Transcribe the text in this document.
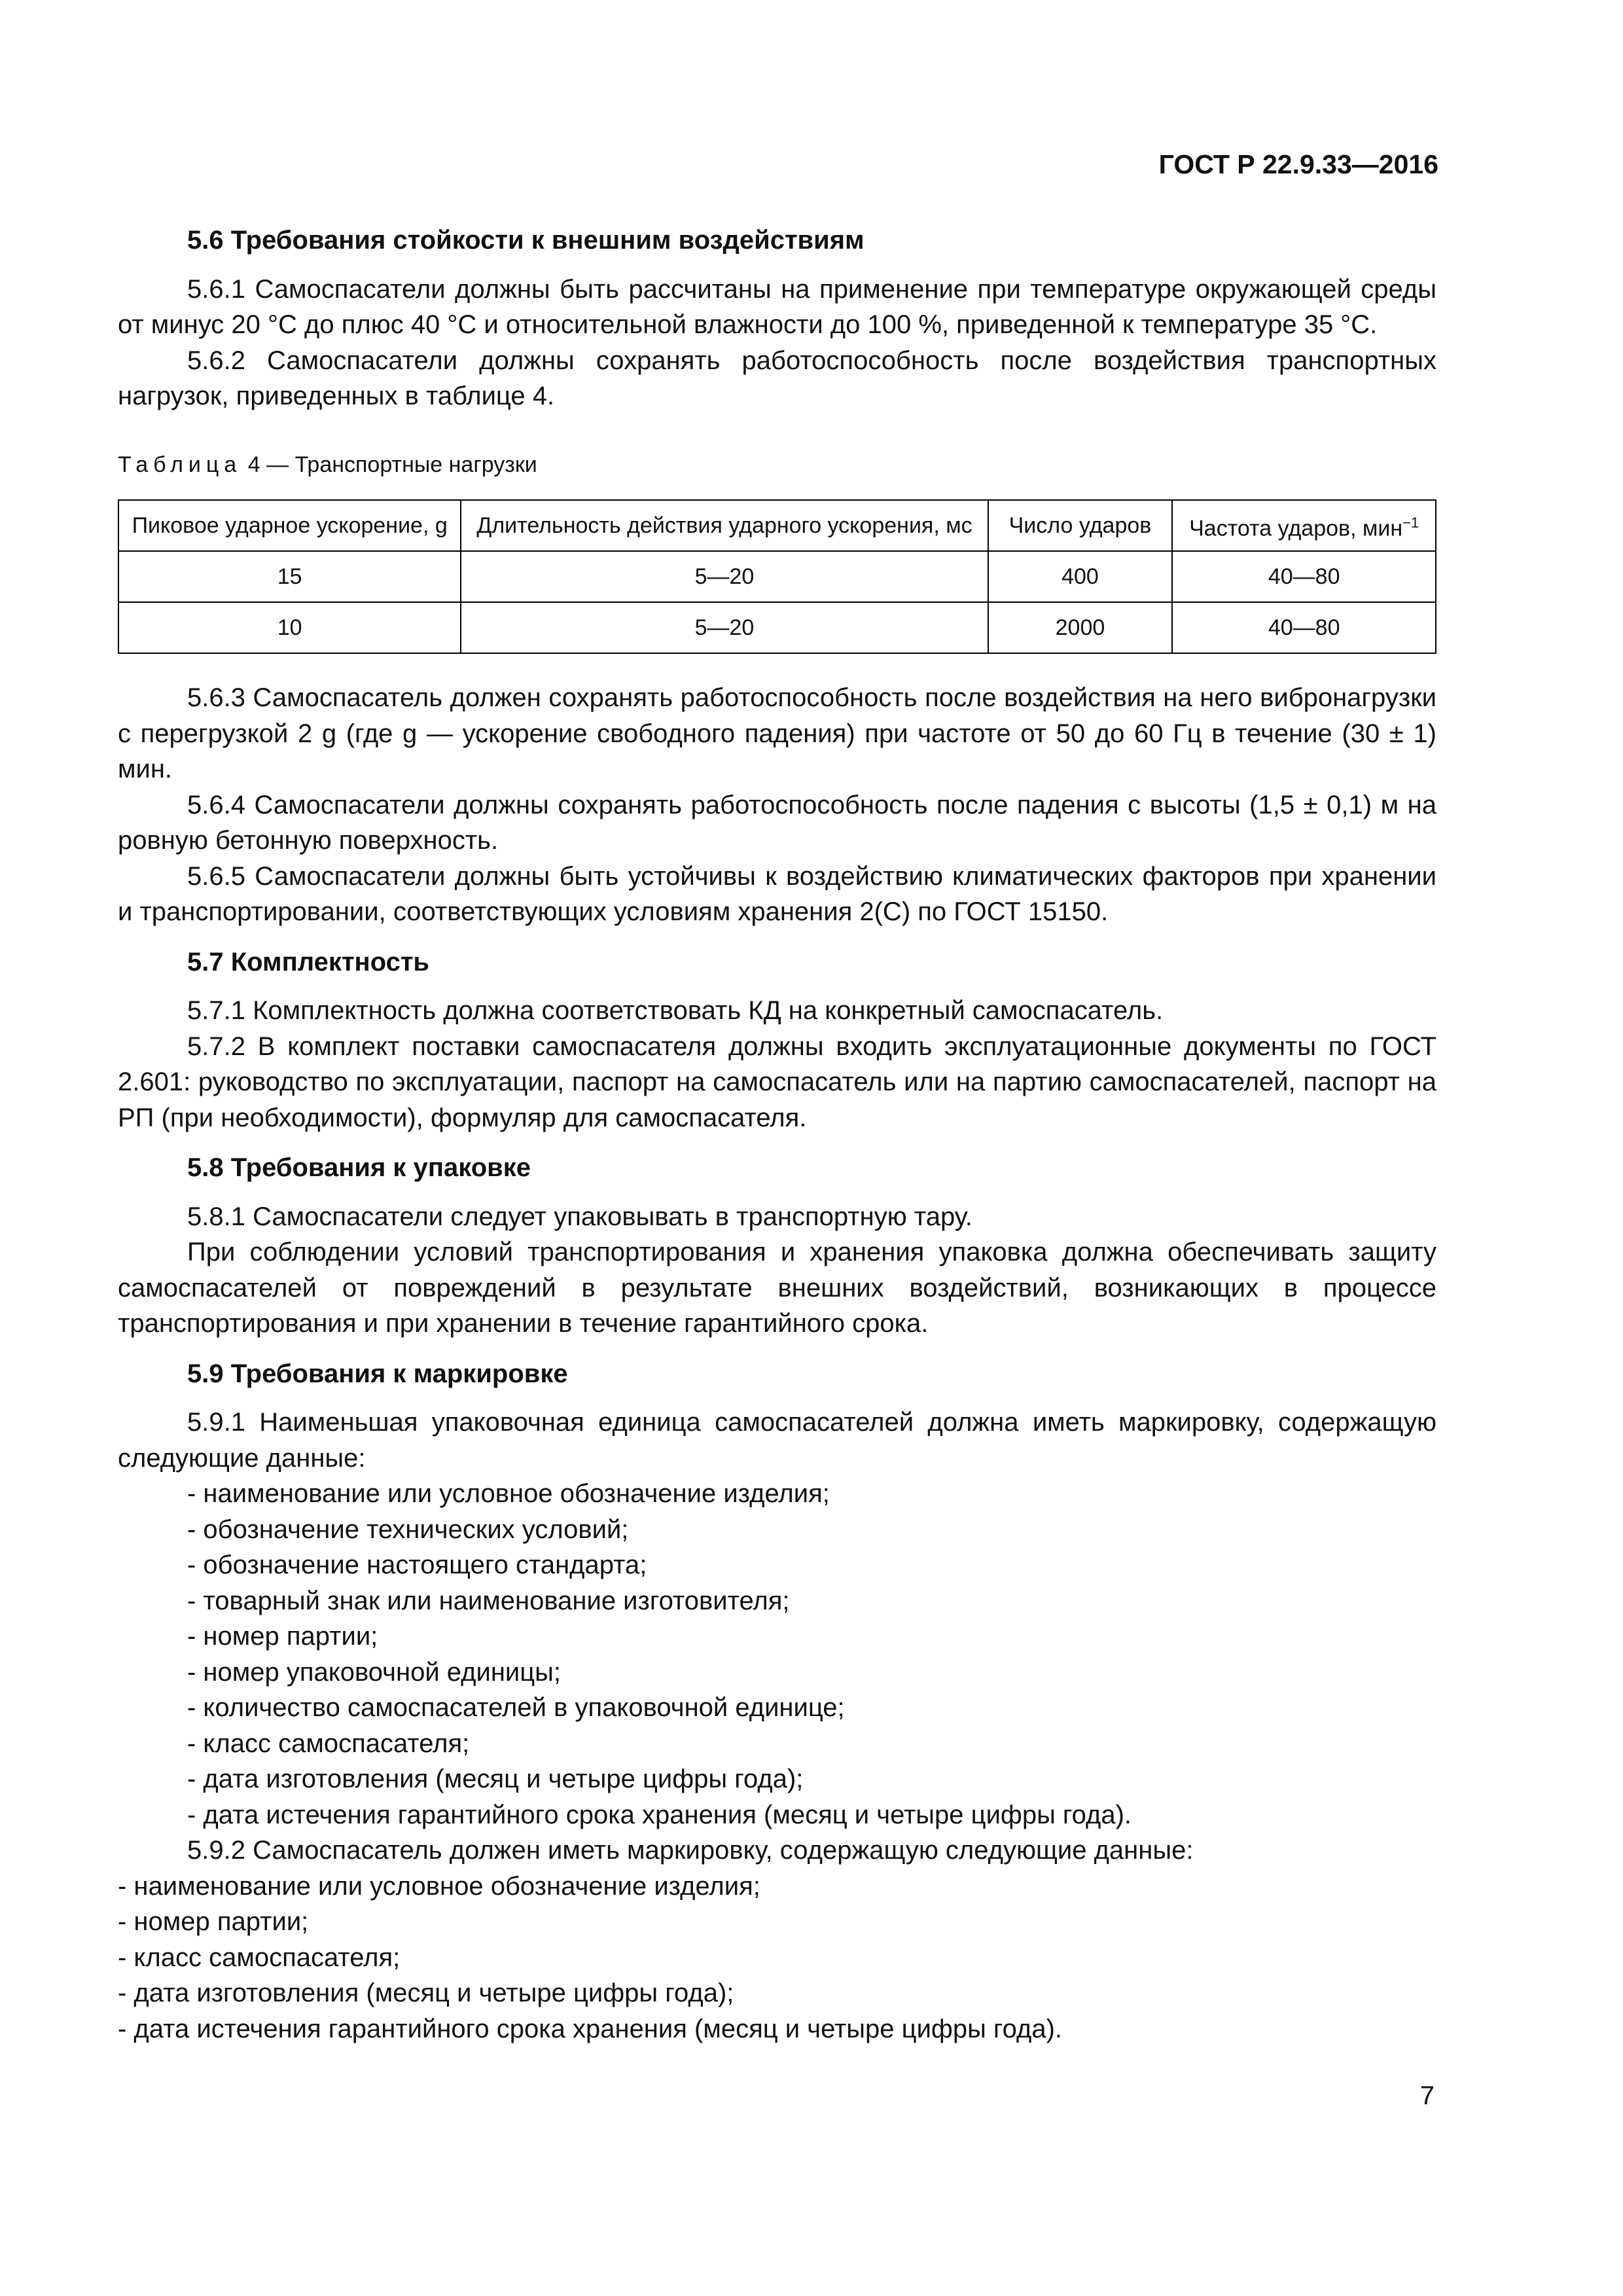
ГОСТ Р 22.9.33—2016

5.6 Требования стойкости к внешним воздействиям

5.6.1 Самоспасатели должны быть рассчитаны на применение при температуре окружающей среды от минус 20 °С до плюс 40 °С и относительной влажности до 100 %, приведенной к температуре 35 °С.

5.6.2 Самоспасатели должны сохранять работоспособность после воздействия транспортных нагрузок, приведенных в таблице 4.

Таблица 4 — Транспортные нагрузки

Пиковое ударное ускорение, g	Длительность действия ударного ускорения, мс	Число ударов	Частота ударов, мин$^{-1}$
15	5—20	400	40—80
10	5—20	2000	40—80

5.6.3 Самоспасатель должен сохранять работоспособность после воздействия на него вибронагрузки с перегрузкой 2 g (где g — ускорение свободного падения) при частоте от 50 до 60 Гц в течение (30 ± 1) мин.

5.6.4 Самоспасатели должны сохранять работоспособность после падения с высоты (1,5 ± 0,1) м на ровную бетонную поверхность.

5.6.5 Самоспасатели должны быть устойчивы к воздействию климатических факторов при хранении и транспортировании, соответствующих условиям хранения 2(С) по ГОСТ 15150.

5.7 Комплектность

5.7.1 Комплектность должна соответствовать КД на конкретный самоспасатель.

5.7.2 В комплект поставки самоспасателя должны входить эксплуатационные документы по ГОСТ 2.601: руководство по эксплуатации, паспорт на самоспасатель или на партию самоспасателей, паспорт на РП (при необходимости), формуляр для самоспасателя.

5.8 Требования к упаковке

5.8.1 Самоспасатели следует упаковывать в транспортную тару.

При соблюдении условий транспортирования и хранения упаковка должна обеспечивать защиту самоспасателей от повреждений в результате внешних воздействий, возникающих в процессе транспортирования и при хранении в течение гарантийного срока.

5.9 Требования к маркировке

5.9.1 Наименьшая упаковочная единица самоспасателей должна иметь маркировку, содержащую следующие данные:

- наименование или условное обозначение изделия;

- обозначение технических условий;

- обозначение настоящего стандарта;

- товарный знак или наименование изготовителя;

- номер партии;

- номер упаковочной единицы;

- количество самоспасателей в упаковочной единице;

- класс самоспасателя;

- дата изготовления (месяц и четыре цифры года);

- дата истечения гарантийного срока хранения (месяц и четыре цифры года).

5.9.2 Самоспасатель должен иметь маркировку, содержащую следующие данные:

- наименование или условное обозначение изделия;

- номер партии;

- класс самоспасателя;

- дата изготовления (месяц и четыре цифры года);

- дата истечения гарантийного срока хранения (месяц и четыре цифры года).

7
